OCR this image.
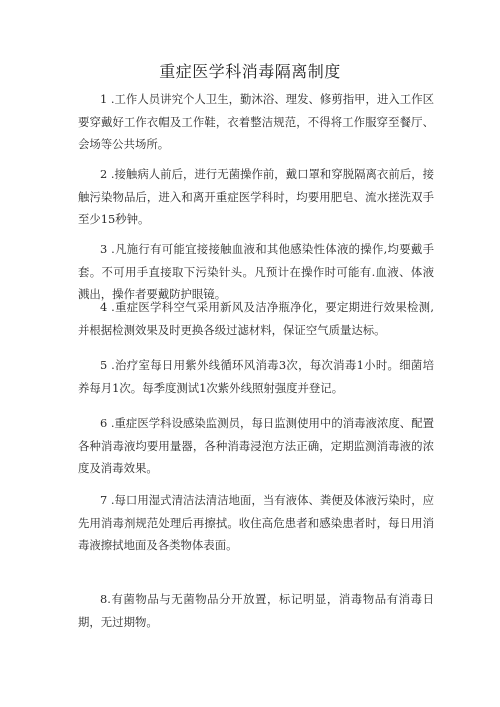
重症医学科消毒隔离制度

1 .工作人员讲究个人卫生，勤沐浴、理发、修剪指甲，进入工作区要穿戴好工作衣帽及工作鞋，衣着整洁规范，不得将工作服穿至餐厅、会场等公共场所。

2 .接触病人前后，进行无菌操作前，戴口罩和穿脱隔离衣前后，接触污染物品后，进入和离开重症医学科时，均要用肥皂、流水搓洗双手至少15秒钟。

3 .凡施行有可能宜接接触血液和其他感染性体液的操作,均要戴手套。不可用手直接取下污染针头。凡预计在操作时可能有.血液、体液溅出，操作者要戴防护眼镜。

4 .重症医学科空气采用新风及洁净瓶净化，要定期进行效果检测,并根据检测效果及时更换各级过滤材料，保证空气质量达标。

5 .治疗室每日用紫外线循环风消毒3次，每次消毒1小时。细菌培养每月1次。每季度测试1次紫外线照射强度并登记。

6 .重症医学科设感染监测员，每日监测使用中的消毒液浓度、配置各种消毒液均要用量器，各种消毒浸泡方法正确，定期监测消毒液的浓度及消毒效果。

7 .每口用湿式清洁法清洁地面，当有液体、粪便及体液污染时，应先用消毒剂规范处理后再擦拭。收住高危患者和感染患者时，每日用消毒液擦拭地面及各类物体表面。

8.有菌物品与无菌物品分开放置，标记明显，消毒物品有消毒日期，无过期物。
